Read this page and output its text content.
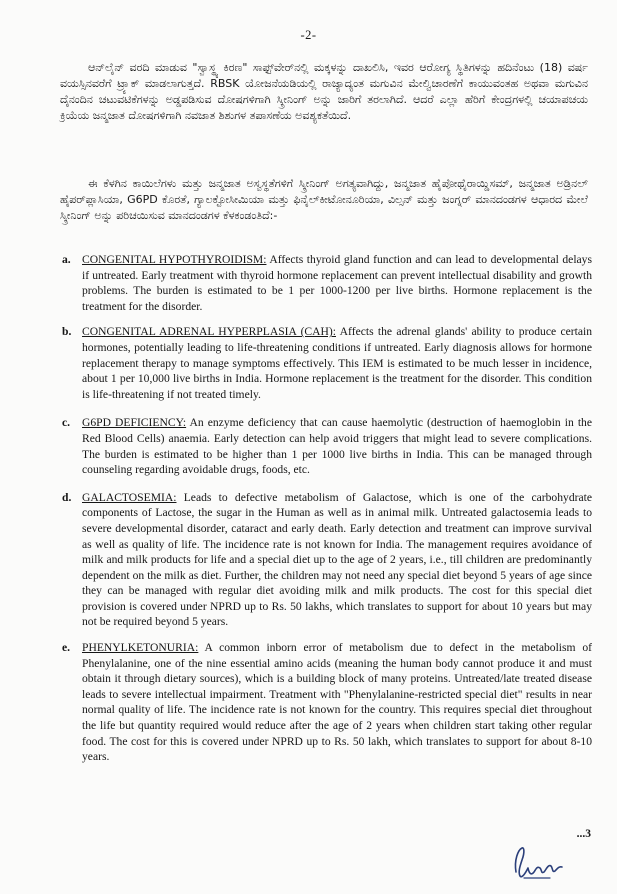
-2-

ಆನ್‌ಲೈನ್ ವರದಿ ಮಾಡುವ "ಸ್ವಾಸ್ಥ್ಯ ಕಿರಣ" ಸಾಫ್ಟ್‌ವೇರ್‌ನಲ್ಲಿ ಮಕ್ಕಳನ್ನು ದಾಖಲಿಸಿ, ಇವರ ಆರೋಗ್ಯ ಸ್ಥಿತಿಗಳನ್ನು ಹದಿನೆಂಟು (18) ವರ್ಷ ವಯಸ್ಸಿನವರೆಗೆ ಟ್ರ್ಯಾಕ್ ಮಾಡಲಾಗುತ್ತದೆ. RBSK ಯೋಜನೆಯಡಿಯಲ್ಲಿ ರಾಜ್ಯಾದ್ಯಂತ ಮಗುವಿನ ಮೇಲ್ವಿಚಾರಣೆಗೆ ಕಾಯುವಂತಹ ಅಥವಾ ಮಗುವಿನ ದೈನಂದಿನ ಚಟುವಟಿಕೆಗಳನ್ನು ಅಡ್ಡಪಡಿಸುವ ದೋಷಗಳಿಗಾಗಿ ಸ್ಕ್ರೀನಿಂಗ್ ಅನ್ನು ಜಾರಿಗೆ ತರಲಾಗಿದೆ. ಆದರೆ ಎಲ್ಲಾ ಹೆರಿಗೆ ಕೇಂದ್ರಗಳಲ್ಲಿ ಚಯಾಪಚಯ ಕ್ರಿಯೆಯ ಜನ್ಮಜಾತ ದೋಷಗಳಿಗಾಗಿ ನವಜಾತ ಶಿಶುಗಳ ತಪಾಸಣೆಯ ಅವಶ್ಯಕತೆಯಿದೆ.

ಈ ಕೆಳಗಿನ ಕಾಯಿಲೆಗಳು ಮತ್ತು ಜನ್ಮಜಾತ ಅಸ್ವಸ್ಥತೆಗಳಿಗೆ ಸ್ಕ್ರೀನಿಂಗ್ ಅಗತ್ಯವಾಗಿದ್ದು, ಜನ್ಮಜಾತ ಹೈಪೋಥೈರಾಯ್ಡಿಸಮ್, ಜನ್ಮಜಾತ ಅಡ್ರಿನಲ್ ಹೈಪರ್‌ಪ್ಲಾಸಿಯಾ, G6PD ಕೊರತೆ, ಗ್ಯಾಲಕ್ಟೋಸೀಮಿಯಾ ಮತ್ತು ಫಿನೈಲ್‌ಕೀಟೋನೂರಿಯಾ, ವಿಲ್ಸನ್ ಮತ್ತು ಜಂಗ್ನರ್ ಮಾನದಂಡಗಳ ಆಧಾರದ ಮೇಲೆ ಸ್ಕ್ರೀನಿಂಗ್ ಅನ್ನು ಪರಿಚಯಿಸುವ ಮಾನದಂಡಗಳ ಕೆಳಕಂಡಂತಿದೆ:-

a. CONGENITAL HYPOTHYROIDISM: Affects thyroid gland function and can lead to developmental delays if untreated. Early treatment with thyroid hormone replacement can prevent intellectual disability and growth problems. The burden is estimated to be 1 per 1000-1200 per live births. Hormone replacement is the treatment for the disorder.
b. CONGENITAL ADRENAL HYPERPLASIA (CAH): Affects the adrenal glands' ability to produce certain hormones, potentially leading to life-threatening conditions if untreated. Early diagnosis allows for hormone replacement therapy to manage symptoms effectively. This IEM is estimated to be much lesser in incidence, about 1 per 10,000 live births in India. Hormone replacement is the treatment for the disorder. This condition is life-threatening if not treated timely.
c. G6PD DEFICIENCY: An enzyme deficiency that can cause haemolytic (destruction of haemoglobin in the Red Blood Cells) anaemia. Early detection can help avoid triggers that might lead to severe complications. The burden is estimated to be higher than 1 per 1000 live births in India. This can be managed through counseling regarding avoidable drugs, foods, etc.
d. GALACTOSEMIA: Leads to defective metabolism of Galactose, which is one of the carbohydrate components of Lactose, the sugar in the Human as well as in animal milk. Untreated galactosemia leads to severe developmental disorder, cataract and early death. Early detection and treatment can improve survival as well as quality of life. The incidence rate is not known for India. The management requires avoidance of milk and milk products for life and a special diet up to the age of 2 years, i.e., till children are predominantly dependent on the milk as diet. Further, the children may not need any special diet beyond 5 years of age since they can be managed with regular diet avoiding milk and milk products. The cost for this special diet provision is covered under NPRD up to Rs. 50 lakhs, which translates to support for about 10 years but may not be required beyond 5 years.
e. PHENYLKETONURIA: A common inborn error of metabolism due to defect in the metabolism of Phenylalanine, one of the nine essential amino acids (meaning the human body cannot produce it and must obtain it through dietary sources), which is a building block of many proteins. Untreated/late treated disease leads to severe intellectual impairment. Treatment with "Phenylalanine-restricted special diet" results in near normal quality of life. The incidence rate is not known for the country. This requires special diet throughout the life but quantity required would reduce after the age of 2 years when children start taking other regular food. The cost for this is covered under NPRD up to Rs. 50 lakh, which translates to support for about 8-10 years.
...3
